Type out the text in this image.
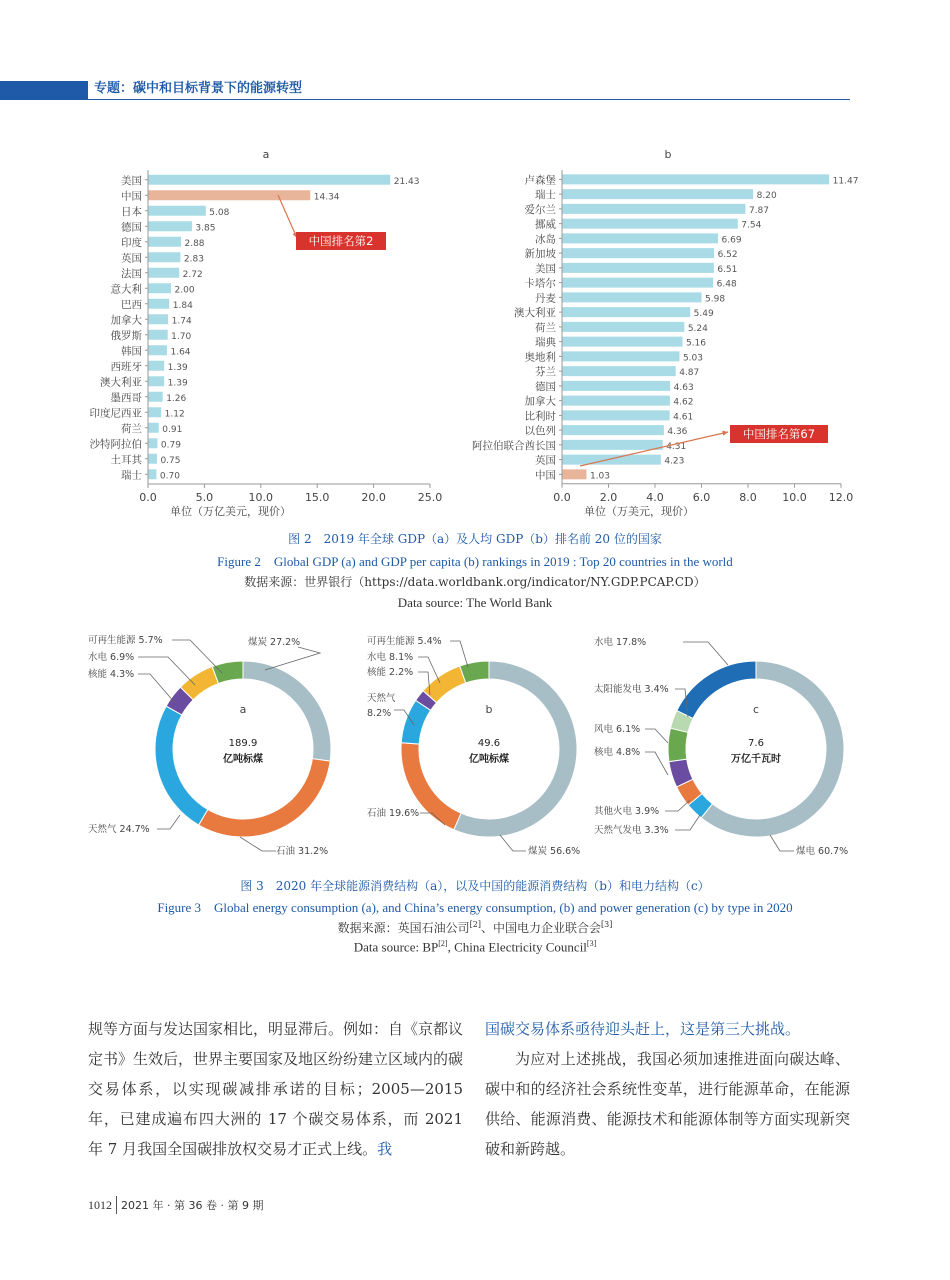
专题：碳中和目标背景下的能源转型
a
美国	21.43
中国	14.34
日本	5.08
德国	3.85
印度	2.88
英国	2.83
法国	2.72
意大利	2.00
巴西	1.84
加拿大	1.74
俄罗斯	1.70
韩国	1.64
西班牙	1.39
澳大利亚	1.39
墨西哥	1.26
印度尼西亚	1.12
荷兰 0.91
沙特阿拉伯 0.79
土耳其 0.75
瑞士 0.70
0.0	5.0	10.0	15.0	20.0	25.0
单位（万亿美元，现价）
中国排名第2
b
卢森堡	11.47
瑞士	8.20
爱尔兰	7.87
挪威	7.54
冰岛	6.69
新加坡	6.52
美国	6.51
卡塔尔	6.48
丹麦	5.98
澳大利亚	5.49
荷兰	5.24
瑞典	5.16
奥地利	5.03
芬兰	4.87
德国	4.63
加拿大	4.62
比利时	4.61
以色列	4.36
阿拉伯联合酋长国	4.31
英国	4.23
中国	1.03
0.0	2.0	4.0	6.0	8.0 10.0 12.0
单位（万美元，现价）
中国排名第67
图 2　2019 年全球 GDP（a）及人均 GDP（b）排名前 20 位的国家
Figure 2　Global GDP (a) and GDP per capita (b) rankings in 2019 : Top 20 countries in the world
数据来源：世界银行（https://data.worldbank.org/indicator/NY.GDP.PCAP.CD）
Data source: The World Bank
a
189.9
亿吨标煤
煤炭 27.2%
石油 31.2%
天然气 24.7%
核能 4.3%
水电 6.9%
可再生能源 5.7%
b
49.6
亿吨标煤
煤炭 56.6%
石油 19.6%
天然气
8.2%
核能 2.2%
水电 8.1%
可再生能源 5.4%
c
7.6
万亿千瓦时
煤电 60.7%
天然气发电 3.3%
其他火电 3.9%
核电 4.8%
风电 6.1%
太阳能发电 3.4%
水电 17.8%
图 3　2020 年全球能源消费结构（a），以及中国的能源消费结构（b）和电力结构（c）
Figure 3　Global energy consumption (a), and China’s energy consumption, (b) and power generation (c) by type in 2020
数据来源：英国石油公司[2]、中国电力企业联合会[3]
Data source: BP[2], China Electricity Council[3]

规等方面与发达国家相比，明显滞后。例如：自《京都议定书》生效后，世界主要国家及地区纷纷建立区域内的碳交易体系，以实现碳减排承诺的目标；2005—2015 年，已建成遍布四大洲的 17 个碳交易体系，而 2021 年 7 月我国全国碳排放权交易才正式上线。我

国碳交易体系亟待迎头赶上，这是第三大挑战。

为应对上述挑战，我国必须加速推进面向碳达峰、碳中和的经济社会系统性变革，进行能源革命，在能源供给、能源消费、能源技术和能源体制等方面实现新突破和新跨越。

1012 2021 年 · 第 36 卷 · 第 9 期
